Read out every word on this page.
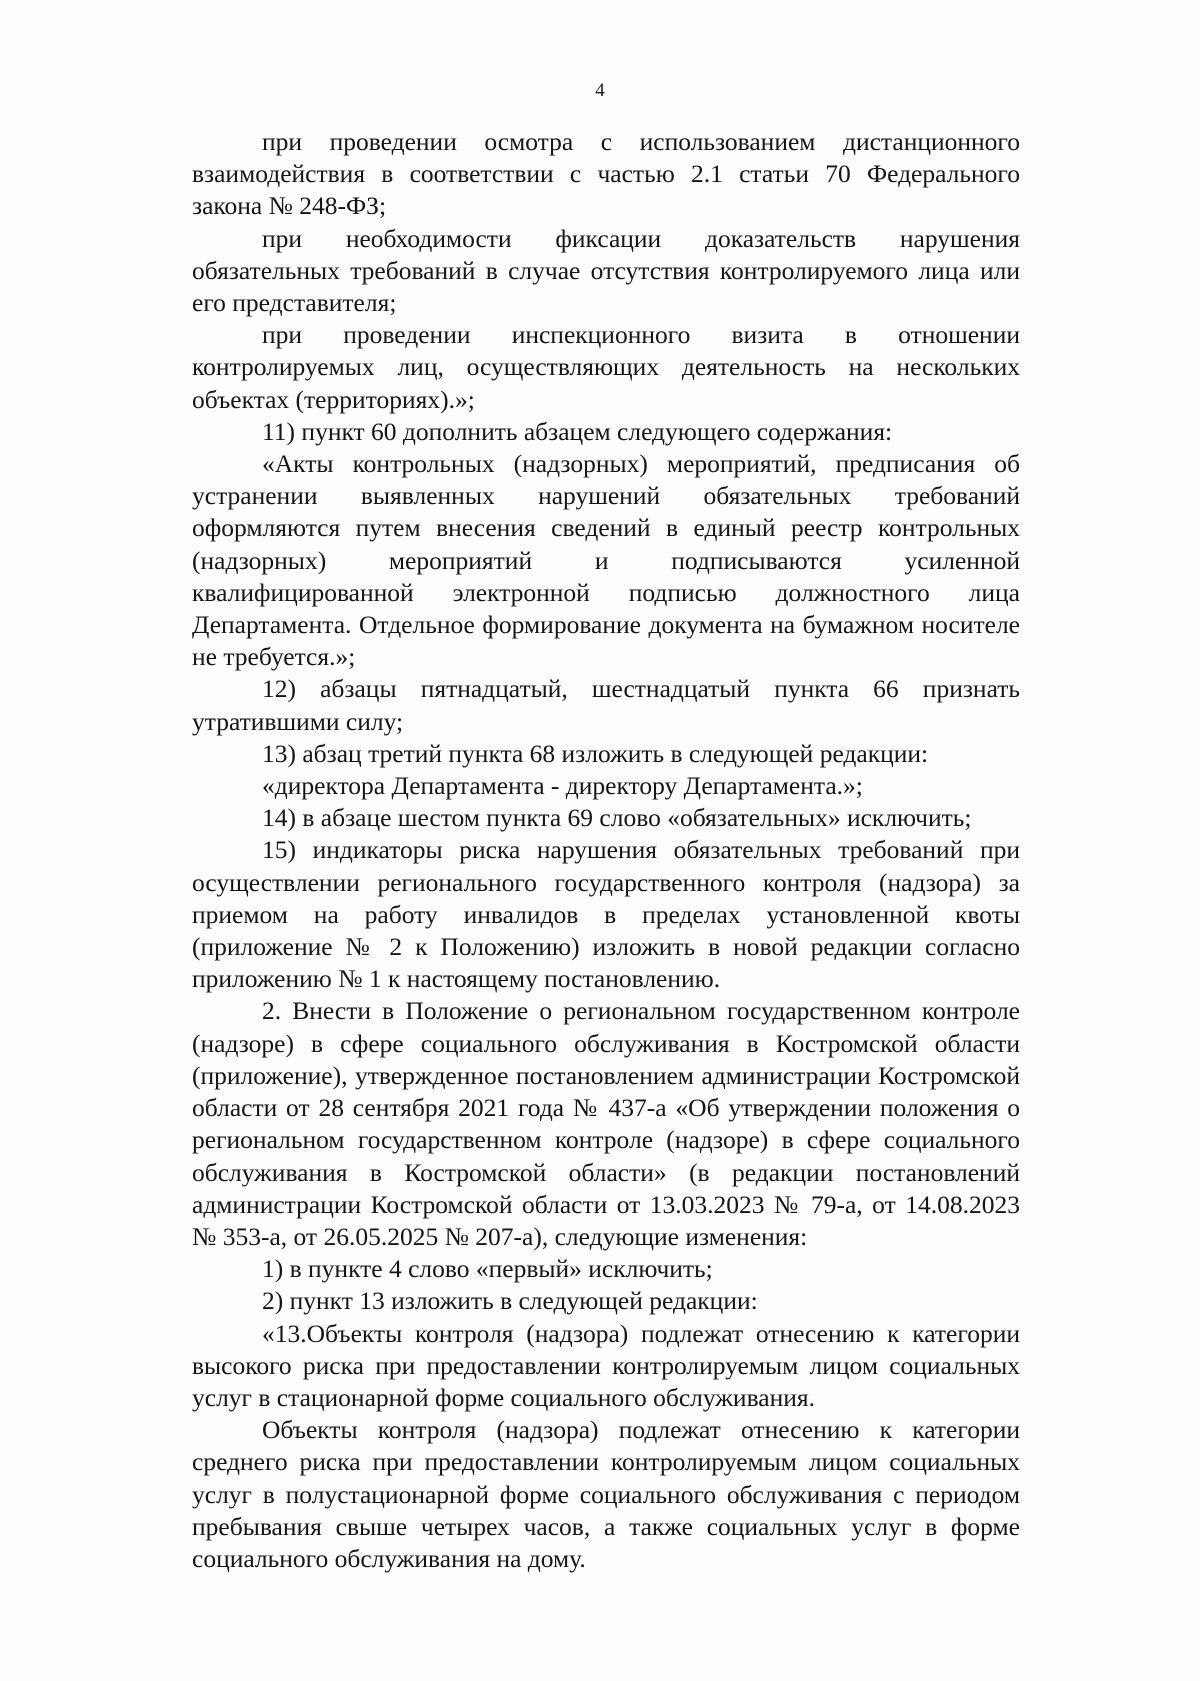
4
при проведении осмотра с использованием дистанционного
взаимодействия в соответствии с частью 2.1 статьи 70 Федерального
закона № 248-ФЗ;
при необходимости фиксации доказательств нарушения
обязательных требований в случае отсутствия контролируемого лица или
его представителя;
при проведении инспекционного визита в отношении
контролируемых лиц, осуществляющих деятельность на нескольких
объектах (территориях).»;
11) пункт 60 дополнить абзацем следующего содержания:
«Акты контрольных (надзорных) мероприятий, предписания об
устранении выявленных нарушений обязательных требований
оформляются путем внесения сведений в единый реестр контрольных
(надзорных) мероприятий и подписываются усиленной
квалифицированной электронной подписью должностного лица
Департамента. Отдельное формирование документа на бумажном носителе
не требуется.»;
12) абзацы пятнадцатый, шестнадцатый пункта 66 признать
утратившими силу;
13) абзац третий пункта 68 изложить в следующей редакции:
«директора Департамента - директору Департамента.»;
14) в абзаце шестом пункта 69 слово «обязательных» исключить;
15) индикаторы риска нарушения обязательных требований при
осуществлении регионального государственного контроля (надзора) за
приемом на работу инвалидов в пределах установленной квоты
(приложение № 2 к Положению) изложить в новой редакции согласно
приложению № 1 к настоящему постановлению.
2. Внести в Положение о региональном государственном контроле
(надзоре) в сфере социального обслуживания в Костромской области
(приложение), утвержденное постановлением администрации Костромской
области от 28 сентября 2021 года № 437-а «Об утверждении положения о
региональном государственном контроле (надзоре) в сфере социального
обслуживания в Костромской области» (в редакции постановлений
администрации Костромской области от 13.03.2023 № 79-а, от 14.08.2023
№ 353-а, от 26.05.2025 № 207-а), следующие изменения:
1) в пункте 4 слово «первый» исключить;
2) пункт 13 изложить в следующей редакции:
«13.Объекты контроля (надзора) подлежат отнесению к категории
высокого риска при предоставлении контролируемым лицом социальных
услуг в стационарной форме социального обслуживания.
Объекты контроля (надзора) подлежат отнесению к категории
среднего риска при предоставлении контролируемым лицом социальных
услуг в полустационарной форме социального обслуживания с периодом
пребывания свыше четырех часов, а также социальных услуг в форме
социального обслуживания на дому.
